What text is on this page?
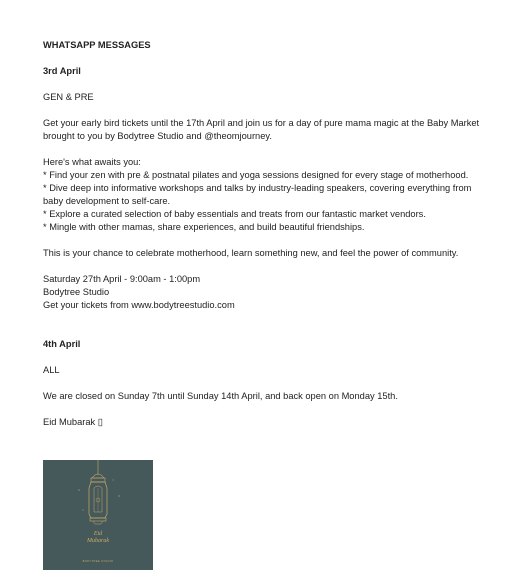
WHATSAPP MESSAGES

3rd April

GEN & PRE

Get your early bird tickets until the 17th April and join us for a day of pure mama magic at the Baby Market brought to you by Bodytree Studio and @theomjourney.

Here's what awaits you:

* Find your zen with pre & postnatal pilates and yoga sessions designed for every stage of motherhood.
* Dive deep into informative workshops and talks by industry-leading speakers, covering everything from baby development to self-care.
* Explore a curated selection of baby essentials and treats from our fantastic market vendors.
* Mingle with other mamas, share experiences, and build beautiful friendships.

This is your chance to celebrate motherhood, learn something new, and feel the power of community.

Saturday 27th April - 9:00am - 1:00pm

Bodytree Studio

Get your tickets from www.bodytreestudio.com

4th April

ALL

We are closed on Sunday 7th until Sunday 14th April, and back open on Monday 15th.

Eid Mubarak ▯

Eid
Mubarak
BODYTREE STUDIO
